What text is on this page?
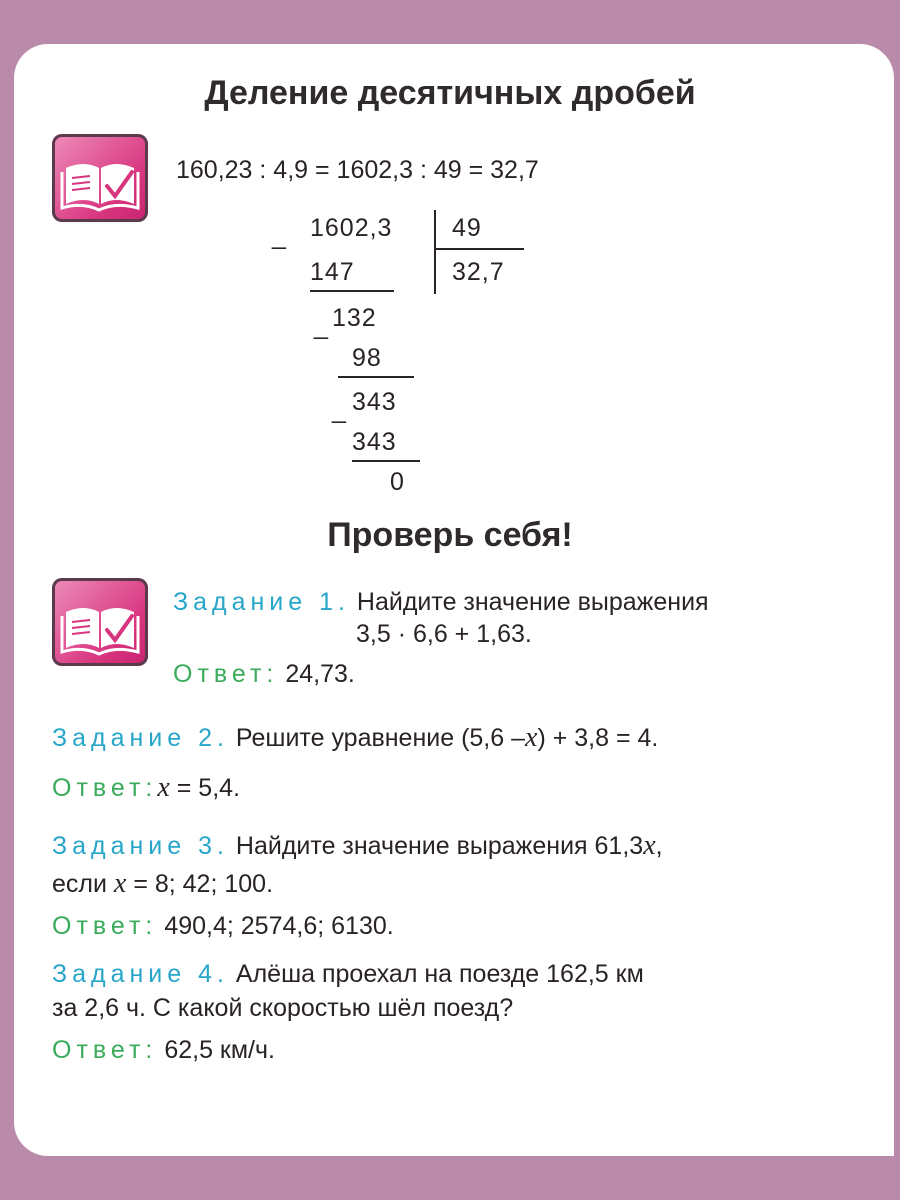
Деление десятичных дробей
160,23 : 4,9 = 1602,3 : 49 = 32,7
_ 1602,3 49
32,7
147
_ 132
98
_ 343
343
0
Проверь себя!
Задание 1. Найдите значение выражения
3,5 · 6,6 + 1,63.
Ответ: 24,73.
Задание 2. Решите уравнение (5,6 –x) + 3,8 = 4.
Ответ:x = 5,4.
Задание 3. Найдите значение выражения 61,3x,
если x = 8; 42; 100.
Ответ: 490,4; 2574,6; 6130.
Задание 4. Алёша проехал на поезде 162,5 км
за 2,6 ч. С какой скоростью шёл поезд?
Ответ: 62,5 км/ч.
